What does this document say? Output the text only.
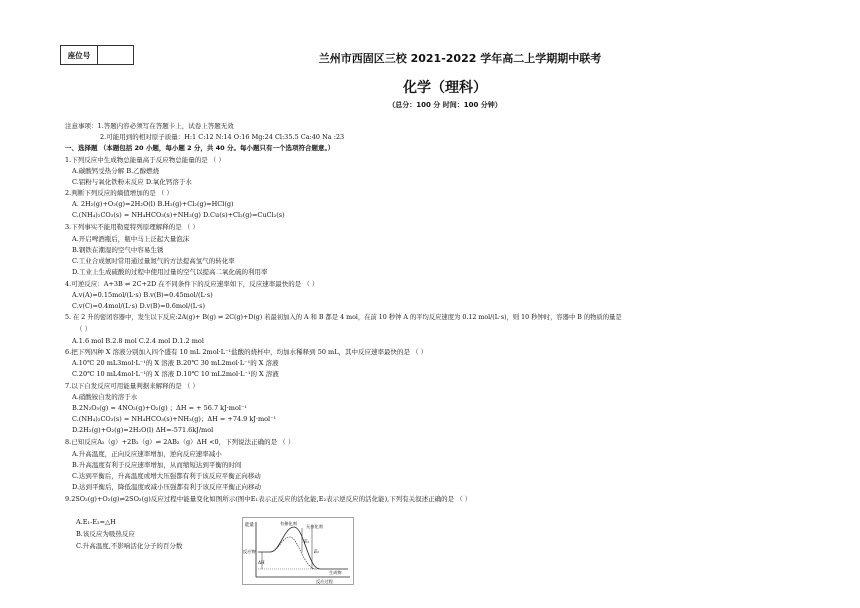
座位号	兰州市西固区三校 2021-2022 学年高二上学期期中联考
化学（理科）
（总分：100 分 时间：100 分钟）
注意事项：1.答题内容必须写在答题卡上，试卷上答题无效
2.可能用到的相对原子质量：H:1 C:12 N:14 O:16 Mg:24 Cl:35.5 Ca:40 Na :23
一、选择题 （本题包括 20 小题，每小题 2 分，共 40 分。每小题只有一个选项符合题意。）
1.下列反应中生成物总能量高于反应物总能量的是 （ ）
A.碳酸钙受热分解 B.乙醇燃烧
C.铝粉与氧化铁粉末反应 D.氧化钙溶于水
2.判断下列反应的熵值增加的是 （ ）
A. 2H₂(g)+O₂(g)=2H₂O(l) B.H₂(g)+Cl₂(g)=HCl(g)
C.(NH₄)₂CO₃(s) = NH₄HCO₃(s)+NH₃(g) D.Cu(s)+Cl₂(g)=CuCl₂(s)
3.下列事实不能用勒夏特列原理解释的是 （ ）
A.开启啤酒瓶后，瓶中马上泛起大量泡沫
B.钢铁在潮湿的空气中容易生锈
C.工业合成氨时常用通过量氮气的方法提高氢气的转化率
D.工业上生成硫酸的过程中使用过量的空气以提高二氧化硫的利用率
4.可逆反应：A+3B ⇌ 2C+2D 在不同条件下的反应速率如下，反应速率最快的是 （ ）
A.v(A)=0.15mol/(L·s) B.v(B)=0.45mol/(L·s)
C.v(C)=0.4mol/(L·s) D.v(B)=0.6mol/(L·s)
5. 在 2 升的密闭容器中，发生以下反应:2A(g)+ B(g) ⇌ 2C(g)+D(g) 若最初加入的 A 和 B 都是 4 mol，在前 10 秒钟 A 的平均反应速度为 0.12 mol/(L·s)，则 10 秒钟时，容器中 B 的物质的量是
（ ）
A.1.6 mol B.2.8 mol C.2.4 mol D.1.2 mol
6.把下列四种 X 溶液分别加入四个盛有 10 mL 2mol·L⁻¹盐酸的烧杯中，均加水稀释到 50 mL，其中反应速率最快的是 （ ）
A.10℃ 20 mL3mol·L⁻¹的 X 溶液 B.20℃ 30 mL2mol·L⁻¹的 X 溶液
C.20℃ 10 mL4mol·L⁻¹的 X 溶液 D.10℃ 10 mL2mol·L⁻¹的 X 溶液
7.以下自发反应可用能量判据来解释的是 （ ）
A.硝酸铵自发的溶于水
B.2N₂O₅(g) = 4NO₂(g)+O₂(g) ；ΔH = + 56.7 kJ·mol⁻¹
C.(NH₄)₂CO₃(s) = NH₄HCO₃(s)+NH₃(g)；ΔH = +74.9 kJ·mol⁻¹
D.2H₂(g)+O₂(g)=2H₂O(l) ΔH=-571.6kJ/mol
8.已知反应A₂（g）+2B₂（g）⇌ 2AB₂（g）ΔH <0，下列说法正确的是 （ ）
A.升高温度，正向反应速率增加，逆向反应速率减小
B.升高温度有利于反应速率增加，从而缩短达到平衡的时间
C.达到平衡后，升高温度或增大压强都有利于该反应平衡正向移动
D.达到平衡后，降低温度或减小压强都有利于该反应平衡正向移动
9.2SO₂(g)+O₂(g)⇌2SO₃(g)反应过程中能量变化如图所示(图中E₁表示正反应的活化能,E₂表示逆反应的活化能),下列有关叙述正确的是 （ ）
A.E₁-E₂=△H
B.该反应为吸热反应
C.升高温度,不影响活化分子的百分数
能量
反应物
生成物
反应过程
有催化剂
无催化剂
E₁
E₂
ΔH
